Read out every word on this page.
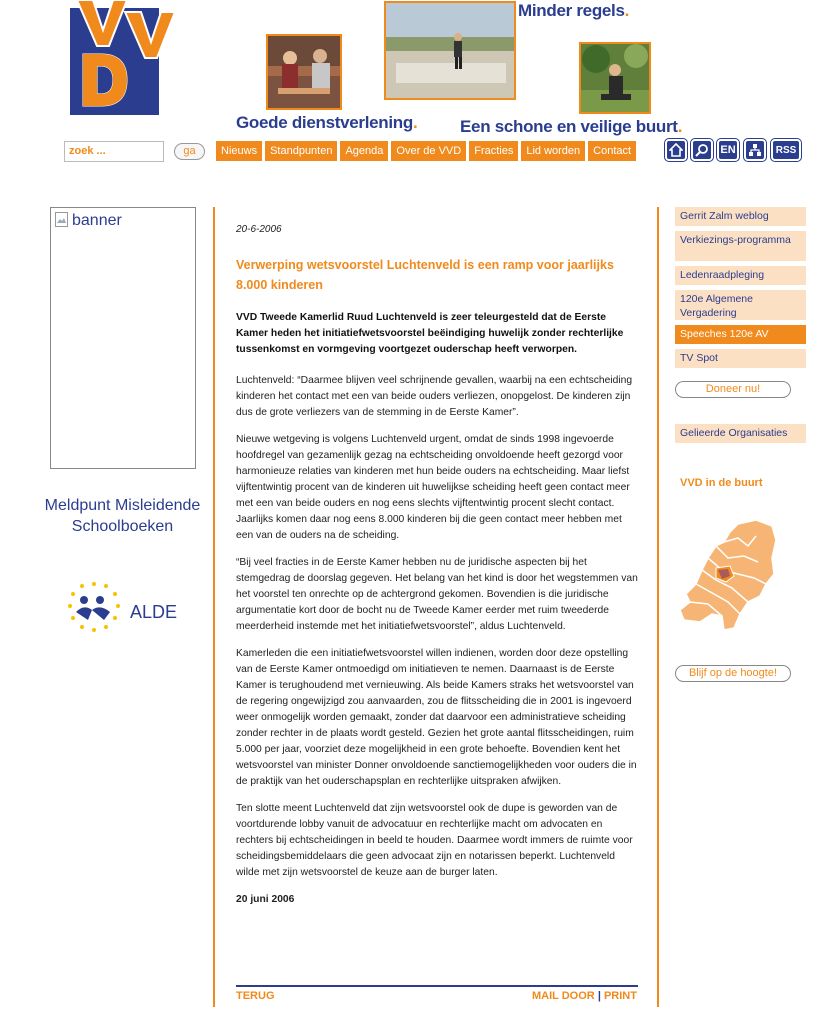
Minder regels.
Goede dienstverlening.	Een schone en veilige buurt.
zoek ...	ga	Nieuws	Standpunten	Agenda	Over de VVD	Fracties	Lid worden	Contact	EN	RSS
banner
Meldpunt Misleidende Schoolboeken
ALDE

20-6-2006

Verwerping wetsvoorstel Luchtenveld is een ramp voor jaarlijks 8.000 kinderen

VVD Tweede Kamerlid Ruud Luchtenveld is zeer teleurgesteld dat de Eerste Kamer heden het initiatiefwetsvoorstel beëindiging huwelijk zonder rechterlijke tussenkomst en vormgeving voortgezet ouderschap heeft verworpen.

Luchtenveld: “Daarmee blijven veel schrijnende gevallen, waarbij na een echtscheiding kinderen het contact met een van beide ouders verliezen, onopgelost. De kinderen zijn dus de grote verliezers van de stemming in de Eerste Kamer”.

Nieuwe wetgeving is volgens Luchtenveld urgent, omdat de sinds 1998 ingevoerde hoofdregel van gezamenlijk gezag na echtscheiding onvoldoende heeft gezorgd voor harmonieuze relaties van kinderen met hun beide ouders na echtscheiding. Maar liefst vijftentwintig procent van de kinderen uit huwelijkse scheiding heeft geen contact meer met een van beide ouders en nog eens slechts vijftentwintig procent slecht contact. Jaarlijks komen daar nog eens 8.000 kinderen bij die geen contact meer hebben met een van de ouders na de scheiding.

“Bij veel fracties in de Eerste Kamer hebben nu de juridische aspecten bij het stemgedrag de doorslag gegeven. Het belang van het kind is door het wegstemmen van het voorstel ten onrechte op de achtergrond gekomen. Bovendien is die juridische argumentatie kort door de bocht nu de Tweede Kamer eerder met ruim tweederde meerderheid instemde met het initiatiefwetsvoorstel”, aldus Luchtenveld.

Kamerleden die een initiatiefwetsvoorstel willen indienen, worden door deze opstelling van de Eerste Kamer ontmoedigd om initiatieven te nemen. Daarnaast is de Eerste Kamer is terughoudend met vernieuwing. Als beide Kamers straks het wetsvoorstel van de regering ongewijzigd zou aanvaarden, zou de flitsscheiding die in 2001 is ingevoerd weer onmogelijk worden gemaakt, zonder dat daarvoor een administratieve scheiding zonder rechter in de plaats wordt gesteld. Gezien het grote aantal flitsscheidingen, ruim 5.000 per jaar, voorziet deze mogelijkheid in een grote behoefte. Bovendien kent het wetsvoorstel van minister Donner onvoldoende sanctiemogelijkheden voor ouders die in de praktijk van het ouderschapsplan en rechterlijke uitspraken afwijken.

Ten slotte meent Luchtenveld dat zijn wetsvoorstel ook de dupe is geworden van de voortdurende lobby vanuit de advocatuur en rechterlijke macht om advocaten en rechters bij echtscheidingen in beeld te houden. Daarmee wordt immers de ruimte voor scheidingsbemiddelaars die geen advocaat zijn en notarissen beperkt. Luchtenveld wilde met zijn wetsvoorstel de keuze aan de burger laten.

20 juni 2006

TERUG	MAIL DOOR | PRINT
Gerrit Zalm weblog
Verkiezings-programma
Ledenraadpleging
120e Algemene Vergadering
Speeches 120e AV
TV Spot
Doneer nu!
Gelieerde Organisaties
VVD in de buurt
Blijf op de hoogte!
